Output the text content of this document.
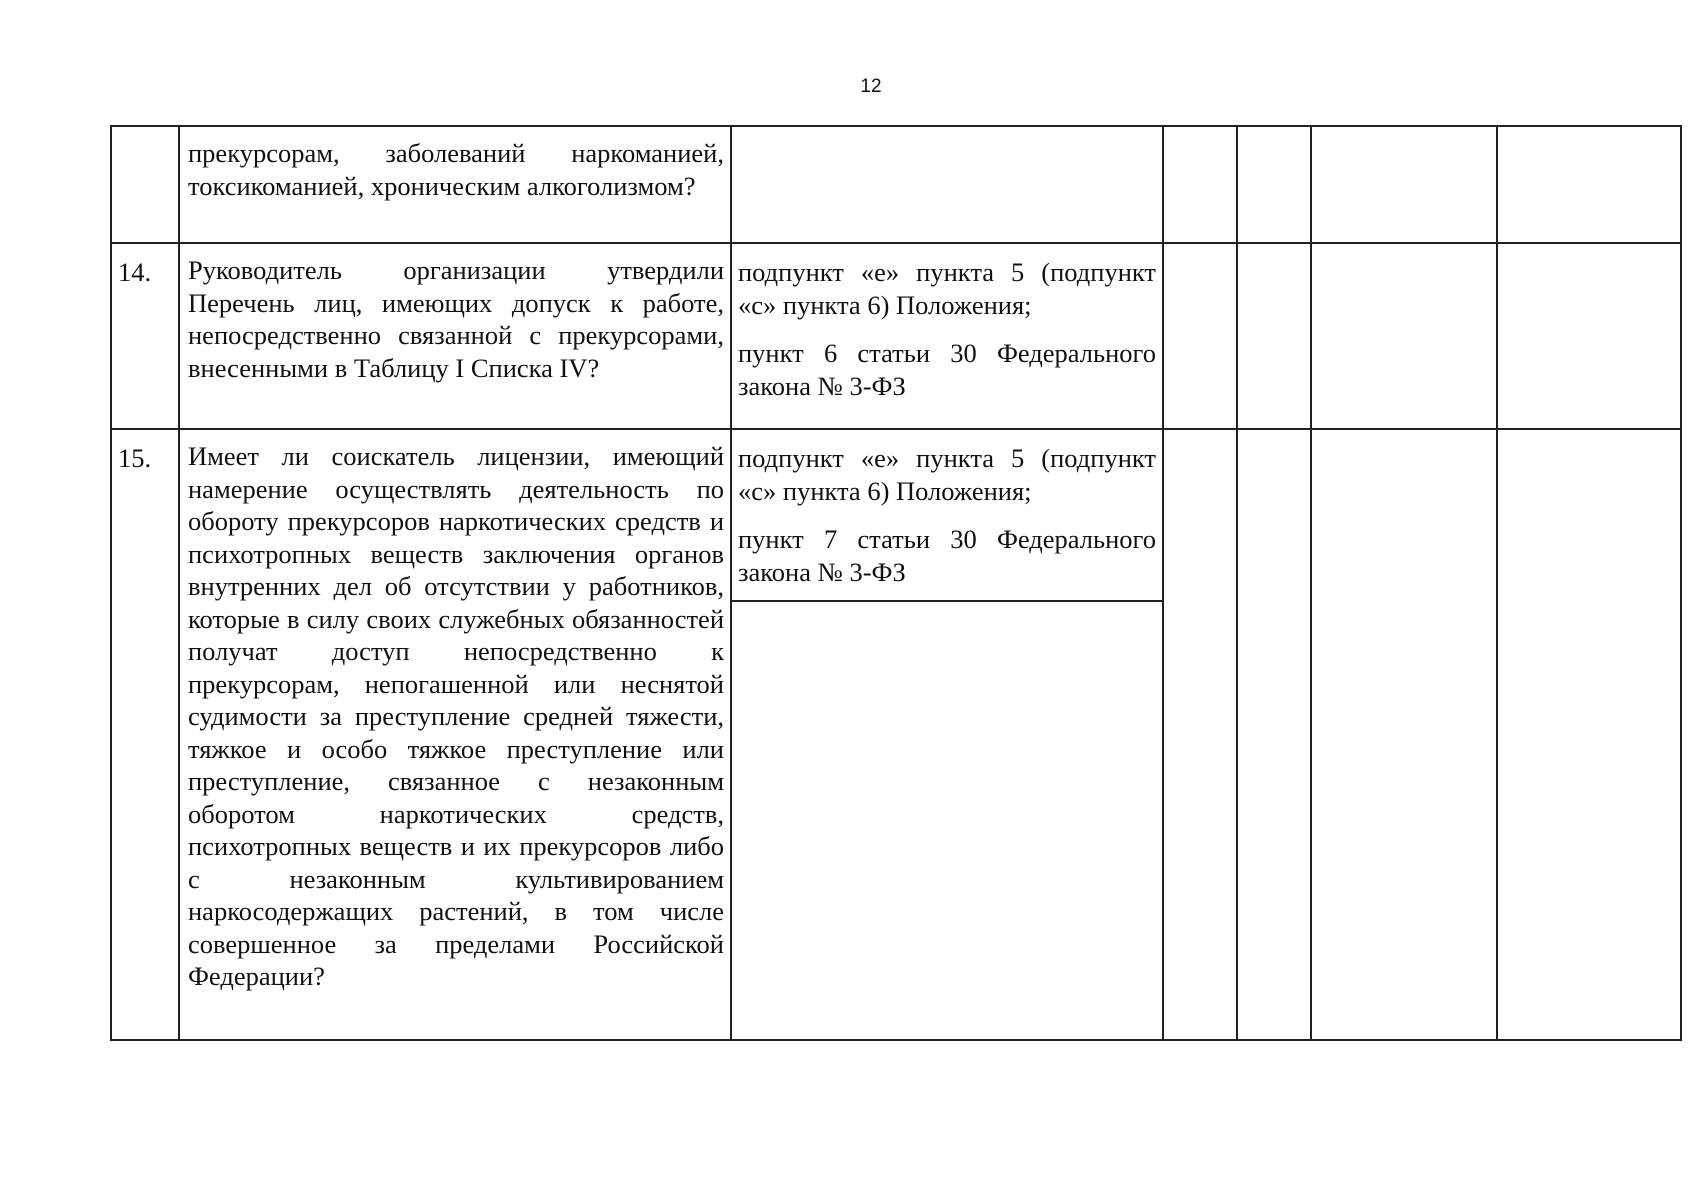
12

	прекурсорам, заболеваний наркоманией, токсикоманией, хроническим алкоголизмом?					

14.	Руководитель организации утвердили Перечень лиц, имеющих допуск к работе, непосредственно связанной с прекурсорами, внесенными в Таблицу I Списка IV?	подпункт «е» пункта 5 (подпункт «с» пункта 6) Положения;

пункт 6 статьи 30 Федерального закона № 3-ФЗ				

15.	Имеет ли соискатель лицензии, имеющий намерение осуществлять деятельность по обороту прекурсоров наркотических средств и психотропных веществ заключения органов внутренних дел об отсутствии у работников, которые в силу своих служебных обязанностей получат доступ непосредственно к прекурсорам, непогашенной или неснятой судимости за преступление средней тяжести, тяжкое и особо тяжкое преступление или преступление, связанное с незаконным оборотом наркотических средств, психотропных веществ и их прекурсоров либо с незаконным культивированием наркосодержащих растений, в том числе совершенное за пределами Российской Федерации?	подпункт «е» пункта 5 (подпункт «с» пункта 6) Положения;

пункт 7 статьи 30 Федерального закона № 3-ФЗ				
